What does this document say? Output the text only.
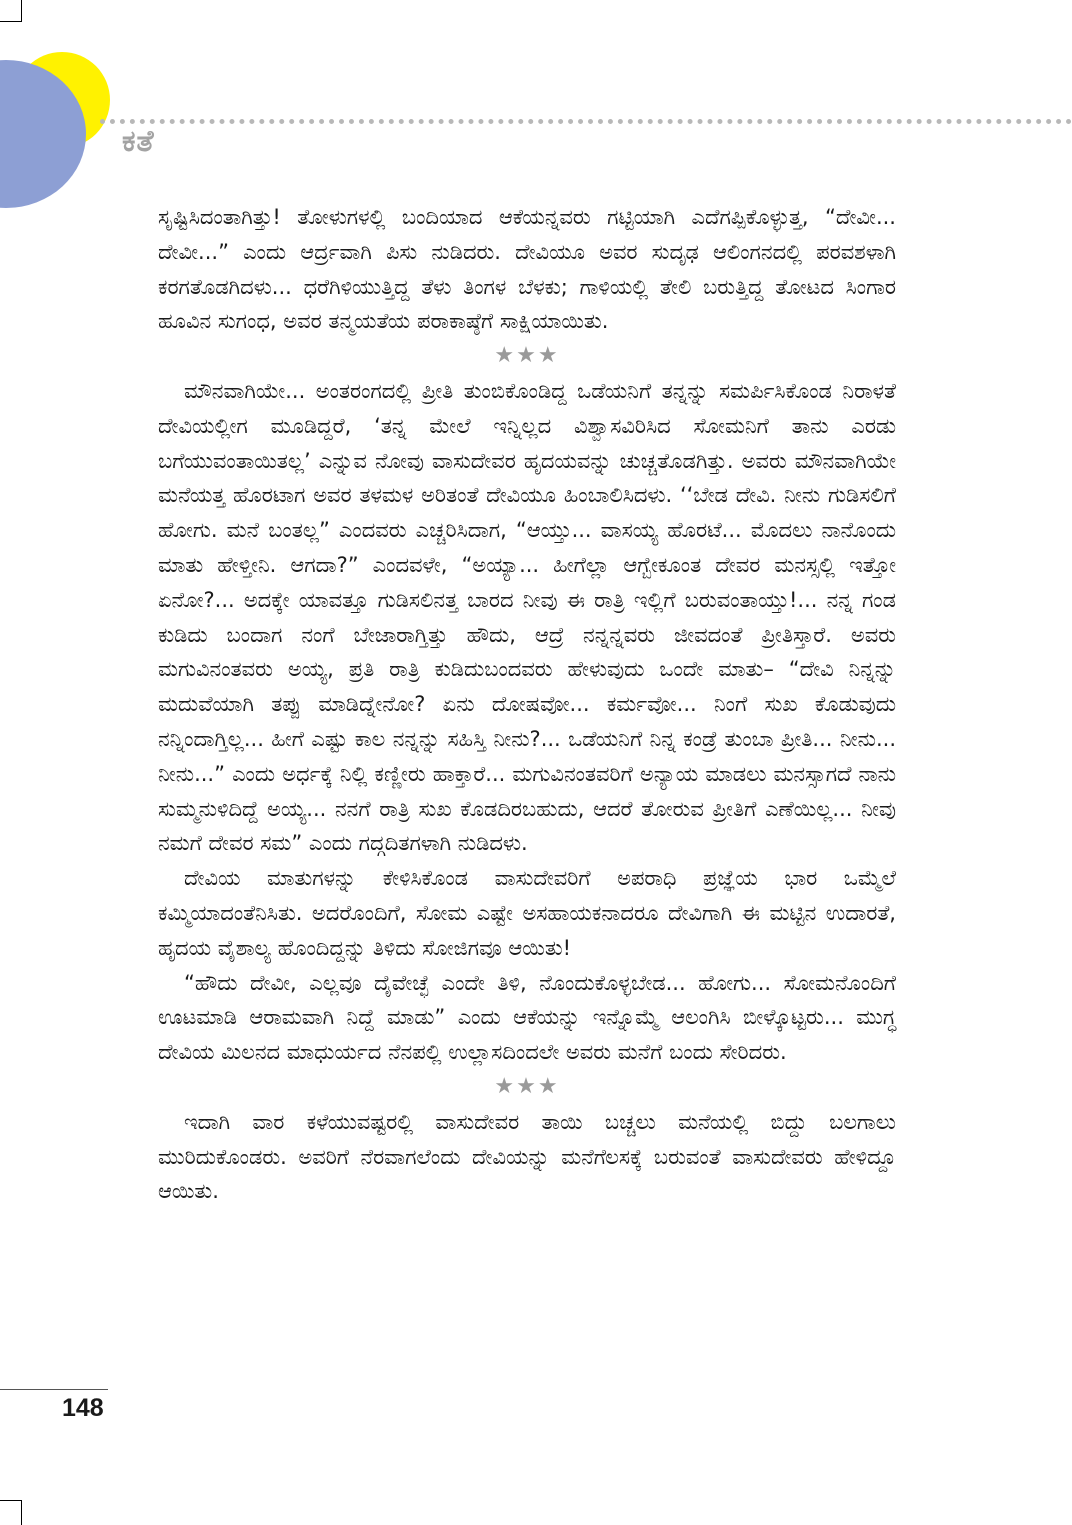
ಕತೆ

ಸೃಷ್ಟಿಸಿದಂತಾಗಿತ್ತು! ತೋಳುಗಳಲ್ಲಿ ಬಂದಿಯಾದ ಆಕೆಯನ್ನವರು ಗಟ್ಟಿಯಾಗಿ ಎದೆಗಪ್ಪಿಕೊಳ್ಳುತ್ತ, “ದೇವೀ... ದೇವೀ...” ಎಂದು ಆರ್ದ್ರವಾಗಿ ಪಿಸು ನುಡಿದರು. ದೇವಿಯೂ ಅವರ ಸುದೃಢ ಆಲಿಂಗನದಲ್ಲಿ ಪರವಶಳಾಗಿ ಕರಗತೊಡಗಿದಳು... ಧರೆಗಿಳಿಯುತ್ತಿದ್ದ ತೆಳು ತಿಂಗಳ ಬೆಳಕು; ಗಾಳಿಯಲ್ಲಿ ತೇಲಿ ಬರುತ್ತಿದ್ದ ತೋಟದ ಸಿಂಗಾರ ಹೂವಿನ ಸುಗಂಧ, ಅವರ ತನ್ಮಯತೆಯ ಪರಾಕಾಷ್ಠೆಗೆ ಸಾಕ್ಷಿಯಾಯಿತು.

★★★

ಮೌನವಾಗಿಯೇ... ಅಂತರಂಗದಲ್ಲಿ ಪ್ರೀತಿ ತುಂಬಿಕೊಂಡಿದ್ದ ಒಡೆಯನಿಗೆ ತನ್ನನ್ನು ಸಮರ್ಪಿಸಿಕೊಂಡ ನಿರಾಳತೆ ದೇವಿಯಲ್ಲೀಗ ಮೂಡಿದ್ದರೆ, ‘ತನ್ನ ಮೇಲೆ ಇನ್ನಿಲ್ಲದ ವಿಶ್ವಾಸವಿರಿಸಿದ ಸೋಮನಿಗೆ ತಾನು ಎರಡು ಬಗೆಯುವಂತಾಯಿತಲ್ಲ’ ಎನ್ನುವ ನೋವು ವಾಸುದೇವರ ಹೃದಯವನ್ನು ಚುಚ್ಚತೊಡಗಿತ್ತು. ಅವರು ಮೌನವಾಗಿಯೇ ಮನೆಯತ್ತ ಹೊರಟಾಗ ಅವರ ತಳಮಳ ಅರಿತಂತೆ ದೇವಿಯೂ ಹಿಂಬಾಲಿಸಿದಳು. ‘‘ಬೇಡ ದೇವಿ. ನೀನು ಗುಡಿಸಲಿಗೆ ಹೋಗು. ಮನೆ ಬಂತಲ್ಲ” ಎಂದವರು ಎಚ್ಚರಿಸಿದಾಗ, “ಆಯ್ತು... ವಾಸಯ್ಯ ಹೊರಟೆ... ಮೊದಲು ನಾನೊಂದು ಮಾತು ಹೇಳ್ತೀನಿ. ಆಗದಾ?” ಎಂದವಳೇ, “ಅಯ್ಯಾ... ಹೀಗೆಲ್ಲಾ ಆಗ್ಬೇಕೂಂತ ದೇವರ ಮನಸ್ಸಲ್ಲಿ ಇತ್ತೋ ಏನೋ?... ಅದಕ್ಕೇ ಯಾವತ್ತೂ ಗುಡಿಸಲಿನತ್ತ ಬಾರದ ನೀವು ಈ ರಾತ್ರಿ ಇಲ್ಲಿಗೆ ಬರುವಂತಾಯ್ತು!... ನನ್ನ ಗಂಡ ಕುಡಿದು ಬಂದಾಗ ನಂಗೆ ಬೇಜಾರಾಗ್ತಿತ್ತು ಹೌದು, ಆದ್ರೆ ನನ್ನನ್ನವರು ಜೀವದಂತೆ ಪ್ರೀತಿಸ್ತಾರೆ. ಅವರು ಮಗುವಿನಂತವರು ಅಯ್ಯ, ಪ್ರತಿ ರಾತ್ರಿ ಕುಡಿದುಬಂದವರು ಹೇಳುವುದು ಒಂದೇ ಮಾತು– “ದೇವಿ ನಿನ್ನನ್ನು ಮದುವೆಯಾಗಿ ತಪ್ಪು ಮಾಡಿದ್ನೇನೋ? ಏನು ದೋಷವೋ... ಕರ್ಮವೋ... ನಿಂಗೆ ಸುಖ ಕೊಡುವುದು ನನ್ನಿಂದಾಗ್ತಿಲ್ಲ... ಹೀಗೆ ಎಷ್ಟು ಕಾಲ ನನ್ನನ್ನು ಸಹಿಸ್ತಿ ನೀನು?... ಒಡೆಯನಿಗೆ ನಿನ್ನ ಕಂಡ್ರೆ ತುಂಬಾ ಪ್ರೀತಿ... ನೀನು... ನೀನು...” ಎಂದು ಅರ್ಧಕ್ಕೆ ನಿಲ್ಲಿ ಕಣ್ಣೀರು ಹಾಕ್ತಾರೆ... ಮಗುವಿನಂತವರಿಗೆ ಅನ್ಯಾಯ ಮಾಡಲು ಮನಸ್ಸಾಗದೆ ನಾನು ಸುಮ್ಮನುಳಿದಿದ್ದೆ ಅಯ್ಯ... ನನಗೆ ರಾತ್ರಿ ಸುಖ ಕೊಡದಿರಬಹುದು, ಆದರೆ ತೋರುವ ಪ್ರೀತಿಗೆ ಎಣೆಯಿಲ್ಲ... ನೀವು ನಮಗೆ ದೇವರ ಸಮ” ಎಂದು ಗದ್ಗದಿತಗಳಾಗಿ ನುಡಿದಳು.

ದೇವಿಯ ಮಾತುಗಳನ್ನು ಕೇಳಿಸಿಕೊಂಡ ವಾಸುದೇವರಿಗೆ ಅಪರಾಧಿ ಪ್ರಜ್ಞೆಯ ಭಾರ ಒಮ್ಮೆಲೆ ಕಮ್ಮಿಯಾದಂತೆನಿಸಿತು. ಅದರೊಂದಿಗೆ, ಸೋಮ ಎಷ್ಟೇ ಅಸಹಾಯಕನಾದರೂ ದೇವಿಗಾಗಿ ಈ ಮಟ್ಟಿನ ಉದಾರತೆ, ಹೃದಯ ವೈಶಾಲ್ಯ ಹೊಂದಿದ್ದನ್ನು ತಿಳಿದು ಸೋಜಿಗವೂ ಆಯಿತು!

“ಹೌದು ದೇವೀ, ಎಲ್ಲವೂ ದೈವೇಚ್ಛೆ ಎಂದೇ ತಿಳಿ, ನೊಂದುಕೊಳ್ಳಬೇಡ... ಹೋಗು... ಸೋಮನೊಂದಿಗೆ ಊಟಮಾಡಿ ಆರಾಮವಾಗಿ ನಿದ್ದೆ ಮಾಡು” ಎಂದು ಆಕೆಯನ್ನು ಇನ್ನೊಮ್ಮೆ ಆಲಂಗಿಸಿ ಬೀಳ್ಕೊಟ್ಟರು... ಮುಗ್ಧ ದೇವಿಯ ಮಿಲನದ ಮಾಧುರ್ಯದ ನೆನಪಲ್ಲಿ ಉಲ್ಲಾಸದಿಂದಲೇ ಅವರು ಮನೆಗೆ ಬಂದು ಸೇರಿದರು.

★★★

ಇದಾಗಿ ವಾರ ಕಳೆಯುವಷ್ಟರಲ್ಲಿ ವಾಸುದೇವರ ತಾಯಿ ಬಚ್ಚಲು ಮನೆಯಲ್ಲಿ ಬಿದ್ದು ಬಲಗಾಲು ಮುರಿದುಕೊಂಡರು. ಅವರಿಗೆ ನೆರವಾಗಲೆಂದು ದೇವಿಯನ್ನು ಮನೆಗೆಲಸಕ್ಕೆ ಬರುವಂತೆ ವಾಸುದೇವರು ಹೇಳಿದ್ದೂ ಆಯಿತು.

148
